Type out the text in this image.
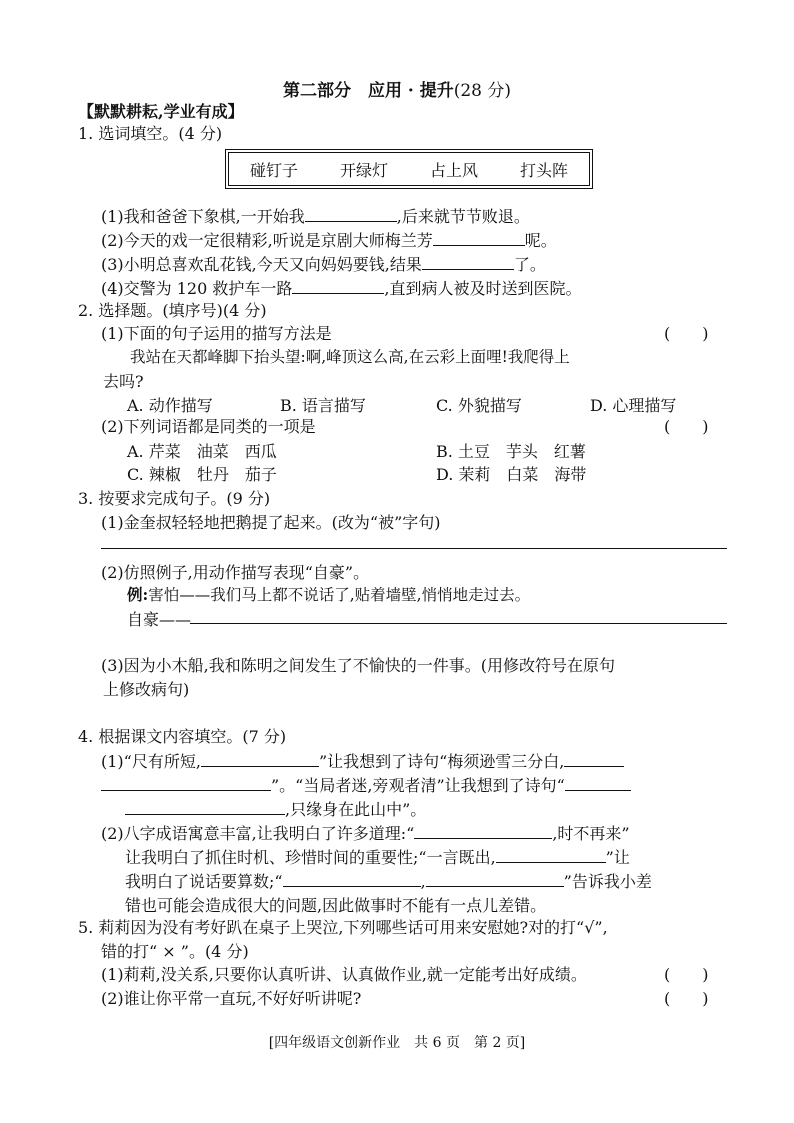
第二部分　应用 · 提升(28 分)
【默默耕耘,学业有成】
1. 选词填空。(4 分)
碰钉子	开绿灯	占上风	打头阵
(1)我和爸爸下象棋,一开始我	,后来就节节败退。
(2)今天的戏一定很精彩,听说是京剧大师梅兰芳	呢。
(3)小明总喜欢乱花钱,今天又向妈妈要钱,结果	了。
(4)交警为 120 救护车一路	,直到病人被及时送到医院。
2. 选择题。(填序号)(4 分)
(1)下面的句子运用的描写方法是	(　　)
我站在天都峰脚下抬头望:啊,峰顶这么高,在云彩上面哩!我爬得上
去吗?
A. 动作描写	B. 语言描写	C. 外貌描写	D. 心理描写
(2)下列词语都是同类的一项是	(　　)
A. 芹菜　油菜　西瓜	B. 土豆　芋头　红薯
C. 辣椒　牡丹　茄子	D. 茉莉　白菜　海带
3. 按要求完成句子。(9 分)
(1)金奎叔轻轻地把鹅提了起来。(改为“被”字句)
(2)仿照例子,用动作描写表现“自豪”。
例:害怕——我们马上都不说话了,贴着墙壁,悄悄地走过去。
自豪——
(3)因为小木船,我和陈明之间发生了不愉快的一件事。(用修改符号在原句
上修改病句)
4. 根据课文内容填空。(7 分)
(1)“尺有所短,	”让我想到了诗句“梅须逊雪三分白,
”。“当局者迷,旁观者清”让我想到了诗句“
,只缘身在此山中”。
(2)八字成语寓意丰富,让我明白了许多道理:“	,时不再来”
让我明白了抓住时机、珍惜时间的重要性;“一言既出,	”让
我明白了说话要算数;“	,	”告诉我小差
错也可能会造成很大的问题,因此做事时不能有一点儿差错。
5. 莉莉因为没有考好趴在桌子上哭泣,下列哪些话可用来安慰她?对的打“√”,
错的打“ × ”。(4 分)
(1)莉莉,没关系,只要你认真听讲、认真做作业,就一定能考出好成绩。	(　　)
(2)谁让你平常一直玩,不好好听讲呢?	(　　)
[四年级语文创新作业　共 6 页　第 2 页]
